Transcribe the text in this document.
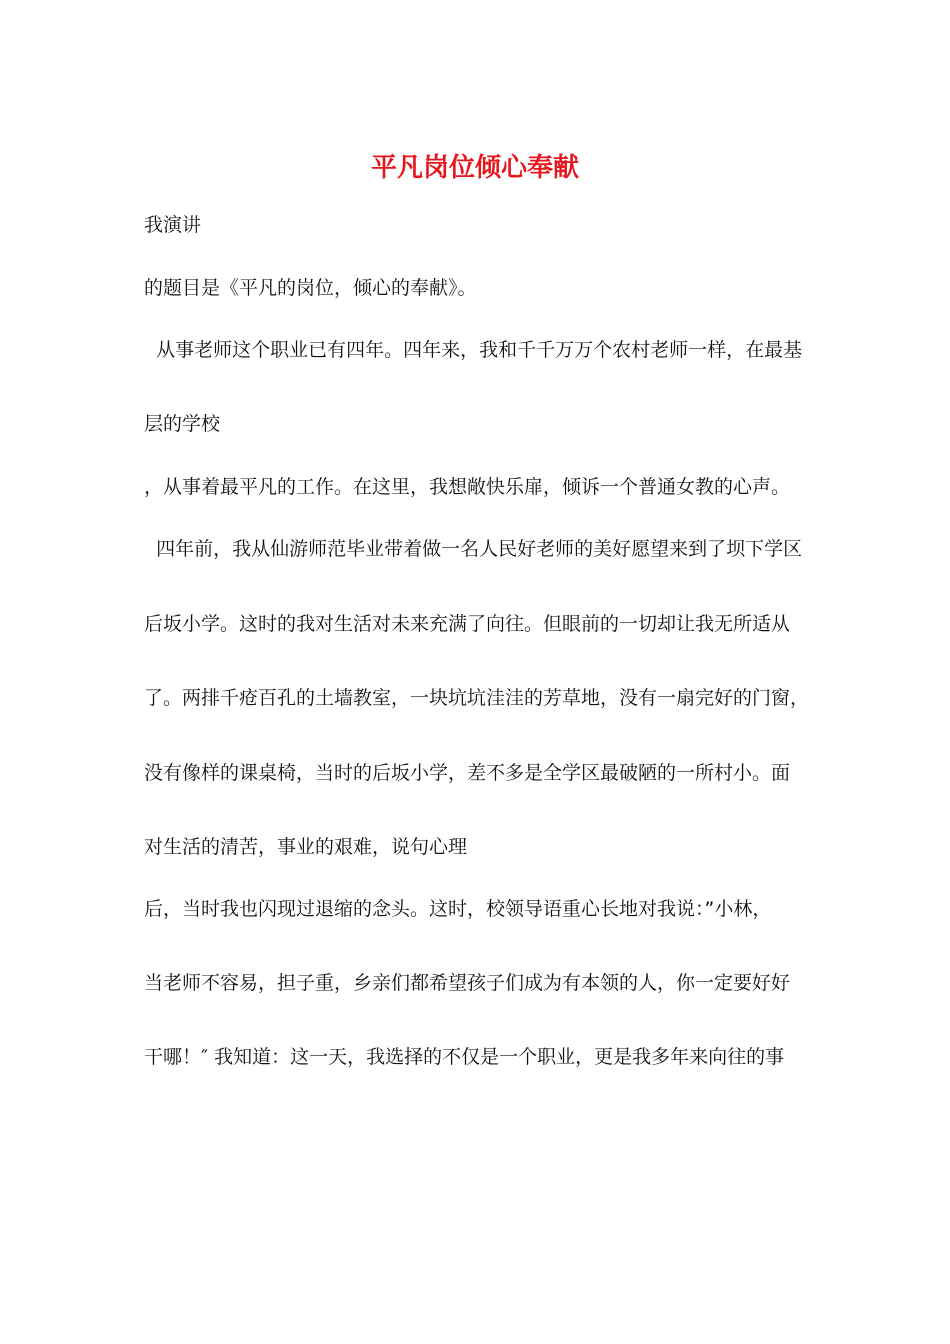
平凡岗位倾心奉献
我演讲
的题目是《平凡的岗位，倾心的奉献》。
从事老师这个职业已有四年。四年来，我和千千万万个农村老师一样，在最基
层的学校
，从事着最平凡的工作。在这里，我想敞快乐扉，倾诉一个普通女教的心声。
四年前，我从仙游师范毕业带着做一名人民好老师的美好愿望来到了坝下学区
后坂小学。这时的我对生活对未来充满了向往。但眼前的一切却让我无所适从
了。两排千疮百孔的土墙教室，一块坑坑洼洼的芳草地，没有一扇完好的门窗，
没有像样的课桌椅，当时的后坂小学，差不多是全学区最破陋的一所村小。面
对生活的清苦，事业的艰难，说句心理
后，当时我也闪现过退缩的念头。这时，校领导语重心长地对我说：”小林，
当老师不容易，担子重，乡亲们都希望孩子们成为有本领的人，你一定要好好
干哪！″ 我知道：这一天，我选择的不仅是一个职业，更是我多年来向往的事
